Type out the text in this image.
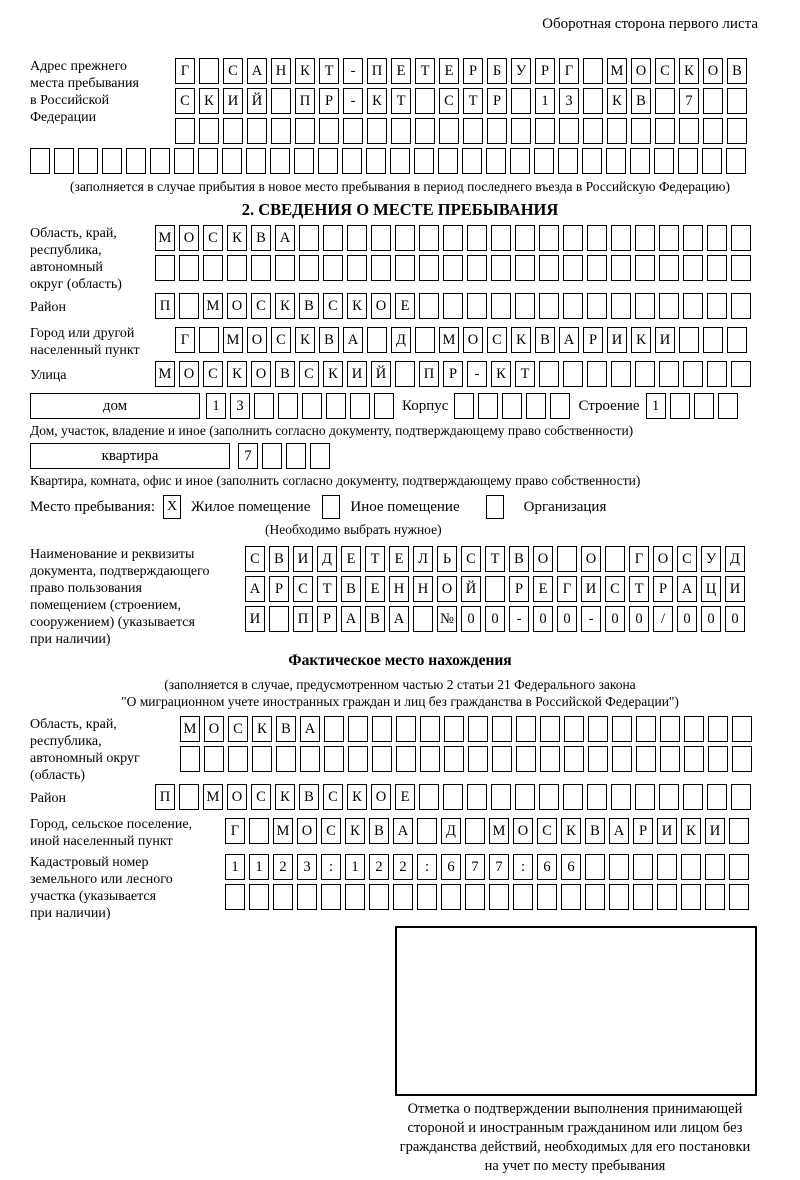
Оборотная сторона первого листа
Адрес прежнего
места пребывания
в Российской
Федерации
Г	С А Н К	Т	-	П Е	Т	Е	Р	Б	У	Р	Г	М О С К О В
С К И Й	П	Р	-	К	Т	С	Т	Р	1	3	К В	7
(заполняется в случае прибытия в новое место пребывания в период последнего въезда в Российскую Федерацию)
2. СВЕДЕНИЯ О МЕСТЕ ПРЕБЫВАНИЯ
Область, край,
республика,
автономный
округ (область)
М О С К В А
Район	П	М О С К В С К О Е
Город или другой
населенный пункт
Г	М О С К В А	Д	М О С К В А	Р	И К И
Улица	М О С К О В С К И Й	П	Р	-	К	Т
дом	1	3	Корпус	Строение 1
Дом, участок, владение и иное (заполнить согласно документу, подтверждающему право собственности)
квартира	7
Квартира, комната, офис и иное (заполнить согласно документу, подтверждающему право собственности)
Место пребывания: X Жилое помещение	Иное помещение	Организация
(Необходимо выбрать нужное)
Наименование и реквизиты
документа, подтверждающего
право пользования
помещением (строением,
сооружением) (указывается
при наличии)
С В И Д	Е	Т	Е	Л	Ь	С	Т	В О	О	Г	О С У Д
А	Р	С	Т	В	Е Н Н О Й	Р	Е	Г	И С	Т	Р	А Ц И
И	П	Р	А В А	№ 0	0	-	0	0	-	0	0	/	0	0	0
Фактическое место нахождения
(заполняется в случае, предусмотренном частью 2 статьи 21 Федерального закона
"О миграционном учете иностранных граждан и лиц без гражданства в Российской Федерации")
Область, край,
республика,
автономный округ
(область)
М О С К В А
Район	П	М О С К В С К О Е
Город, сельское поселение,
иной населенный пункт
Г	М О С К В А	Д	М О С К В А	Р	И К И
Кадастровый номер
земельного или лесного
участка (указывается
при наличии)
1	1	2	3	:	1	2	2	:	6	7	7	:	6	6
Отметка о подтверждении выполнения принимающей
стороной и иностранным гражданином или лицом без
гражданства действий, необходимых для его постановки
на учет по месту пребывания
